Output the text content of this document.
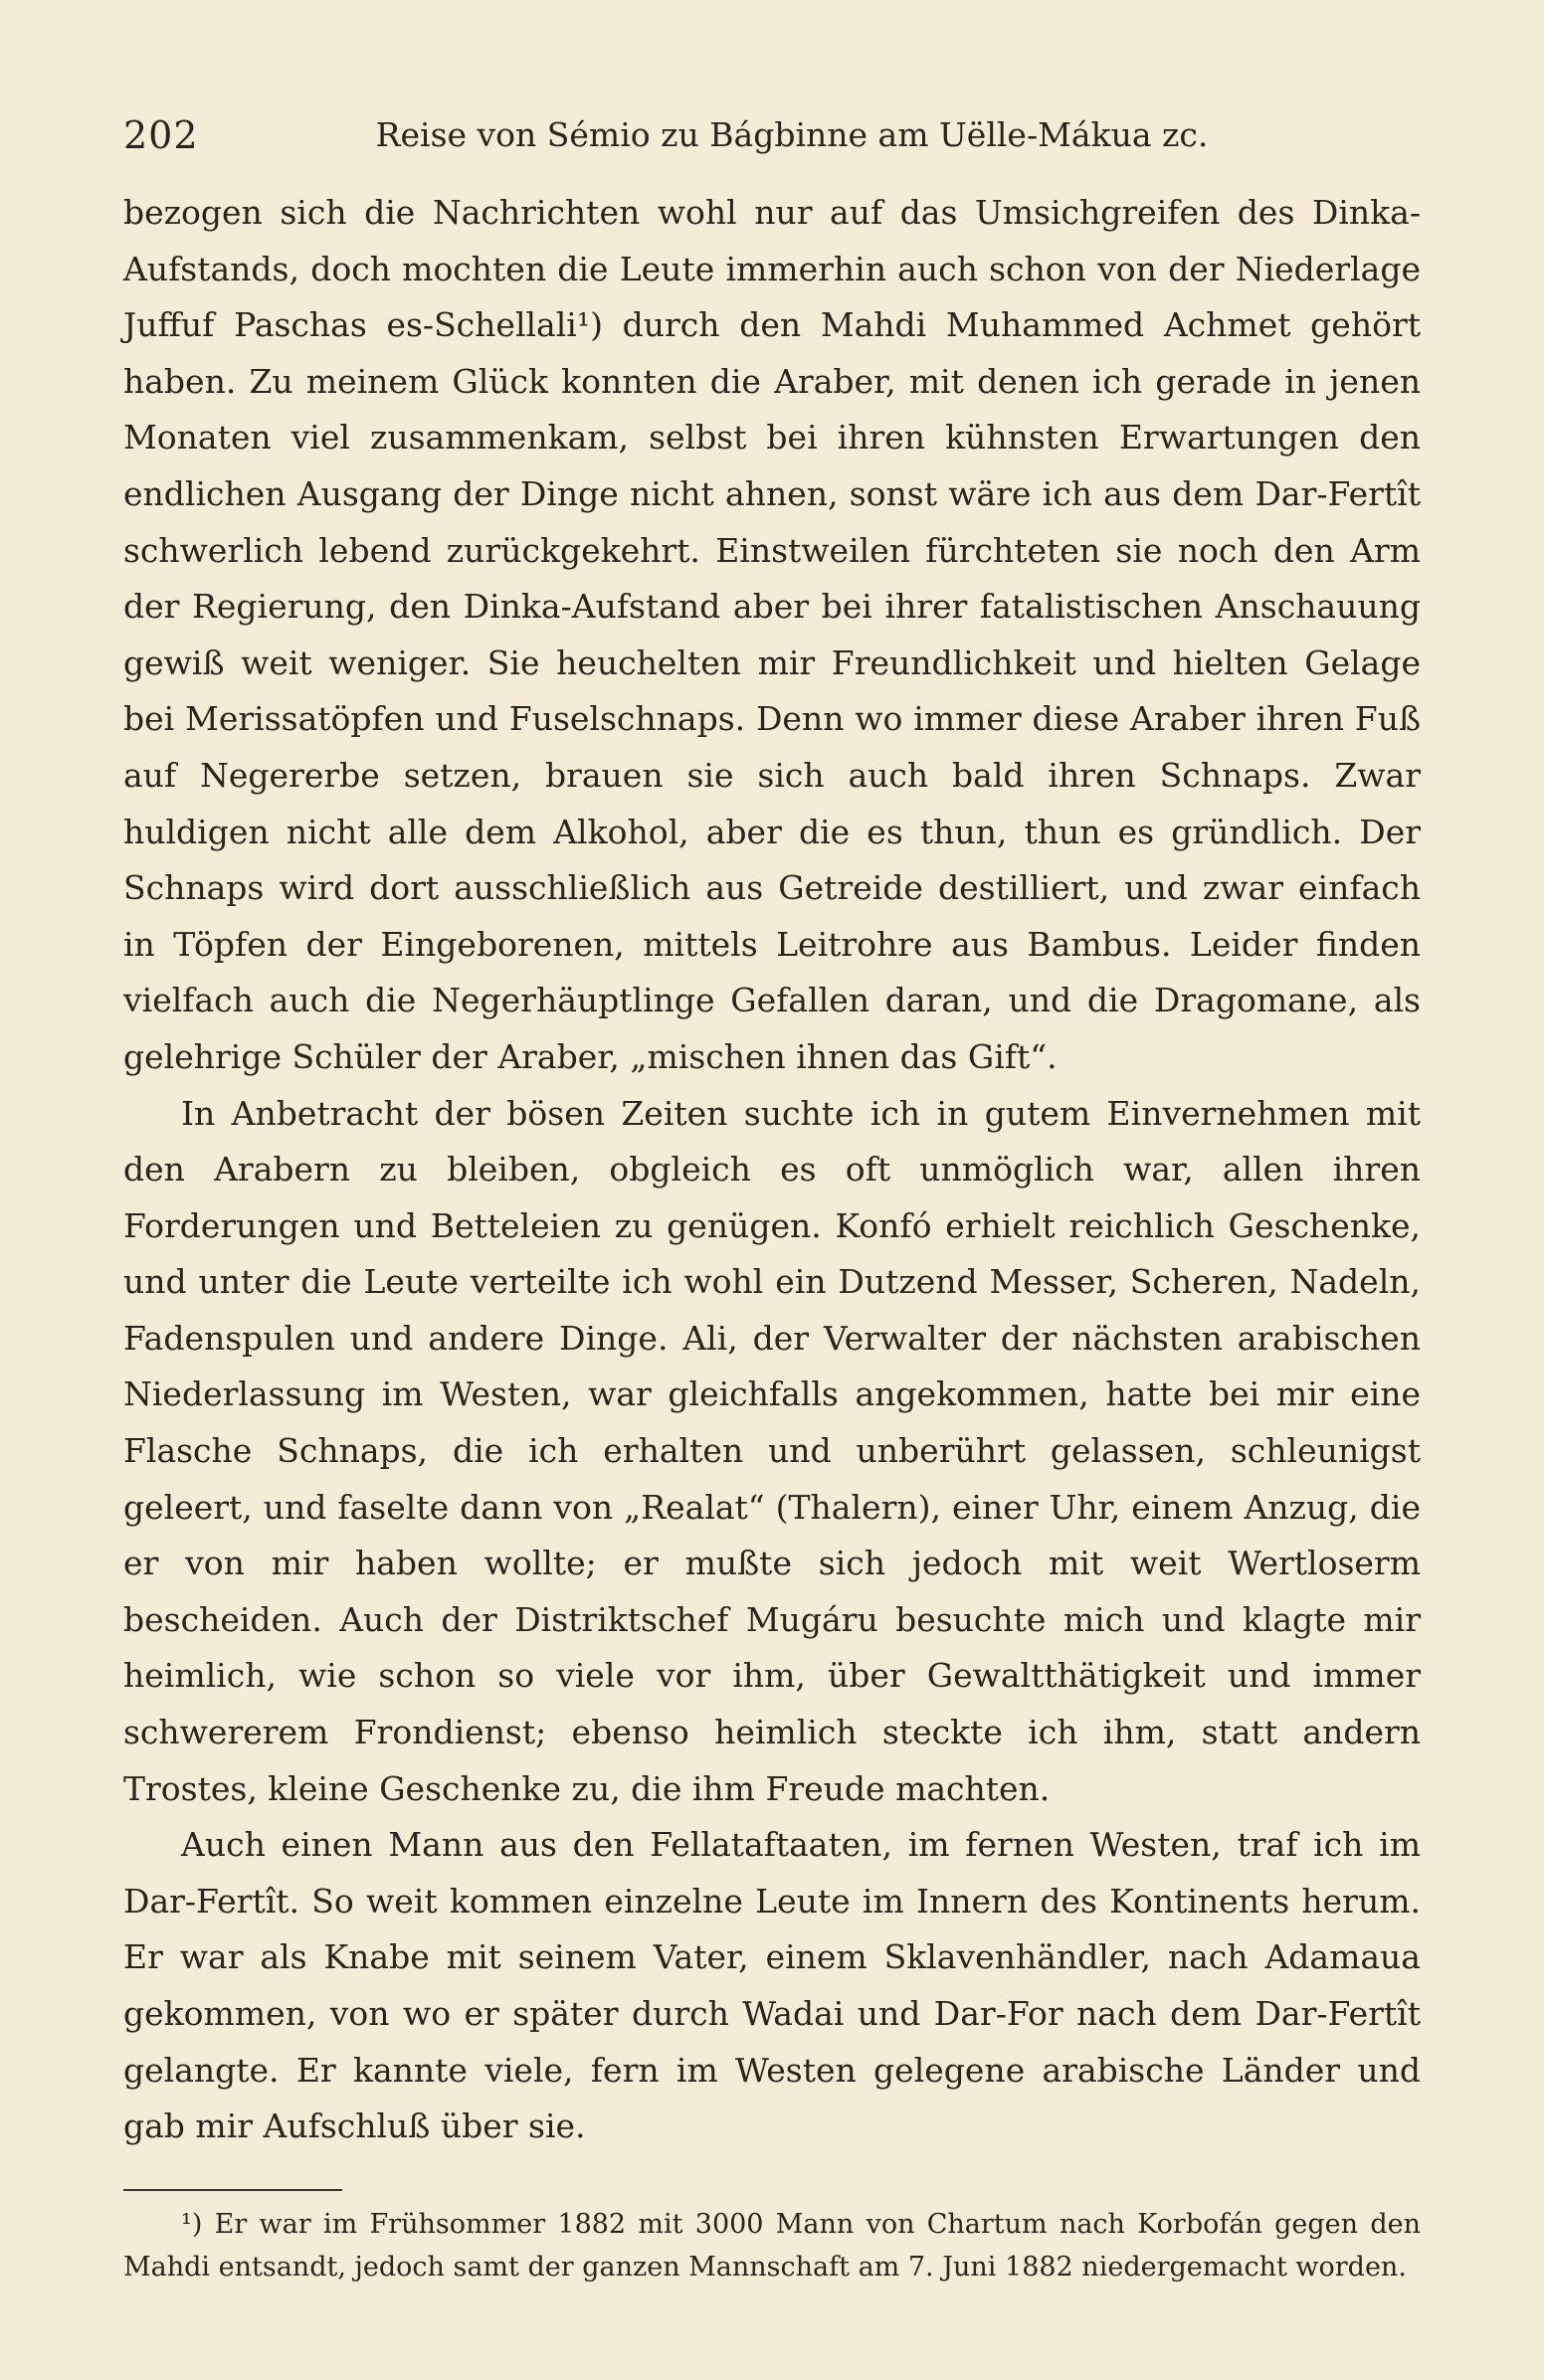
202	Reise von Sémio zu Bágbinne am Uëlle-Mákua zc.

bezogen sich die Nachrichten wohl nur auf das Umsichgreifen des Dinka-Aufstands, doch mochten die Leute immerhin auch schon von der Niederlage Juffuf Paschas es-Schellali¹) durch den Mahdi Muhammed Achmet gehört haben. Zu meinem Glück konnten die Araber, mit denen ich gerade in jenen Monaten viel zusammenkam, selbst bei ihren kühnsten Erwartungen den endlichen Ausgang der Dinge nicht ahnen, sonst wäre ich aus dem Dar-Fertît schwerlich lebend zurückgekehrt. Einstweilen fürchteten sie noch den Arm der Regierung, den Dinka-Aufstand aber bei ihrer fatalistischen Anschauung gewiß weit weniger. Sie heuchelten mir Freundlichkeit und hielten Gelage bei Merissatöpfen und Fuselschnaps. Denn wo immer diese Araber ihren Fuß auf Negererbe setzen, brauen sie sich auch bald ihren Schnaps. Zwar huldigen nicht alle dem Alkohol, aber die es thun, thun es gründlich. Der Schnaps wird dort ausschließlich aus Getreide destilliert, und zwar einfach in Töpfen der Eingeborenen, mittels Leitrohre aus Bambus. Leider finden vielfach auch die Negerhäuptlinge Gefallen daran, und die Dragomane, als gelehrige Schüler der Araber, „mischen ihnen das Gift“.

In Anbetracht der bösen Zeiten suchte ich in gutem Einvernehmen mit den Arabern zu bleiben, obgleich es oft unmöglich war, allen ihren Forderungen und Betteleien zu genügen. Konfó erhielt reichlich Geschenke, und unter die Leute verteilte ich wohl ein Dutzend Messer, Scheren, Nadeln, Fadenspulen und andere Dinge. Ali, der Verwalter der nächsten arabischen Niederlassung im Westen, war gleichfalls angekommen, hatte bei mir eine Flasche Schnaps, die ich erhalten und unberührt gelassen, schleunigst geleert, und faselte dann von „Realat“ (Thalern), einer Uhr, einem Anzug, die er von mir haben wollte; er mußte sich jedoch mit weit Wertloserm bescheiden. Auch der Distriktschef Mugáru besuchte mich und klagte mir heimlich, wie schon so viele vor ihm, über Gewaltthätigkeit und immer schwererem Frondienst; ebenso heimlich steckte ich ihm, statt andern Trostes, kleine Geschenke zu, die ihm Freude machten.

Auch einen Mann aus den Fellataftaaten, im fernen Westen, traf ich im Dar-Fertît. So weit kommen einzelne Leute im Innern des Kontinents herum. Er war als Knabe mit seinem Vater, einem Sklavenhändler, nach Adamaua gekommen, von wo er später durch Wadai und Dar-For nach dem Dar-Fertît gelangte. Er kannte viele, fern im Westen gelegene arabische Länder und gab mir Aufschluß über sie.

¹) Er war im Frühsommer 1882 mit 3000 Mann von Chartum nach Korbofán gegen den Mahdi entsandt, jedoch samt der ganzen Mannschaft am 7. Juni 1882 niedergemacht worden.
